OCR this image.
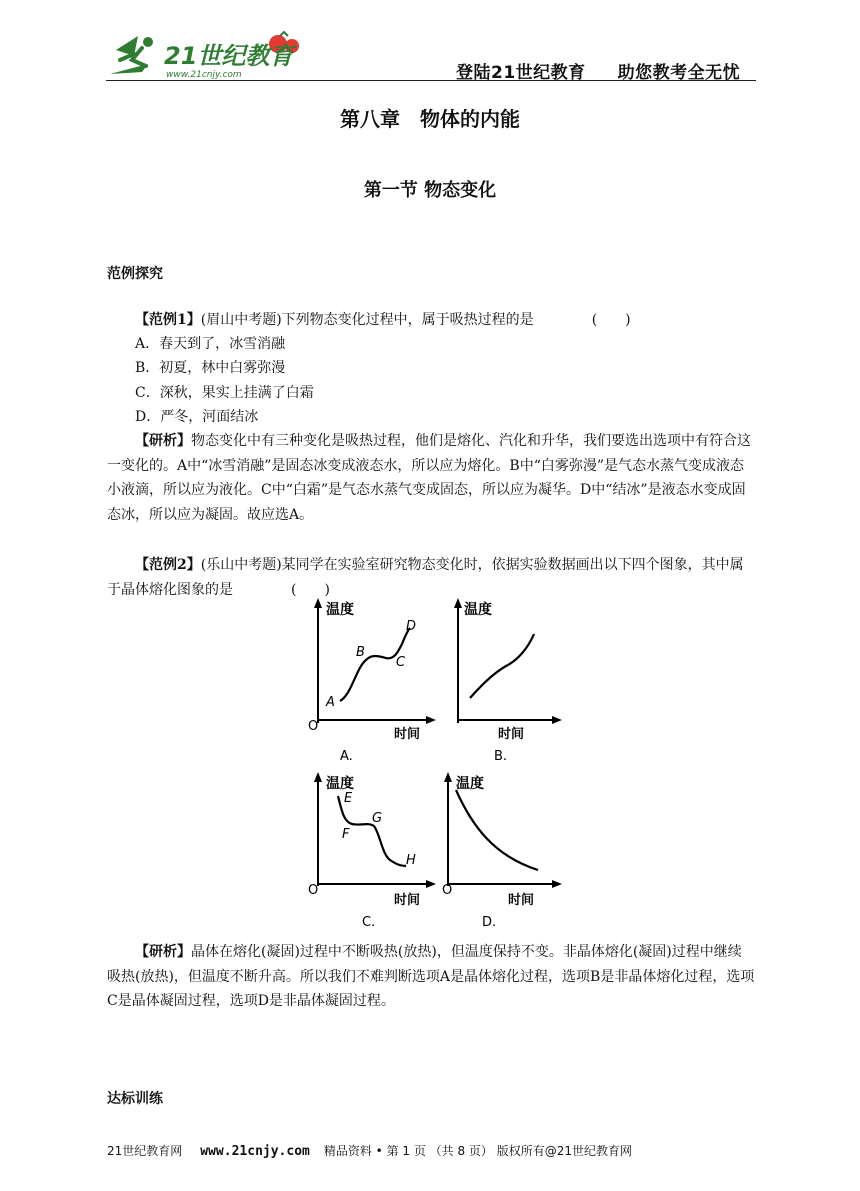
21世纪教育
www.21cnjy.com	登陆21世纪教育 助您教考全无忧
第八章　物体的内能
第一节 物态变化
范例探究
【范例1】(眉山中考题)下列物态变化过程中，属于吸热过程的是	(　　)
A．春天到了，冰雪消融
B．初夏，林中白雾弥漫
C．深秋，果实上挂满了白霜
D．严冬，河面结冰
【研析】物态变化中有三种变化是吸热过程，他们是熔化、汽化和升华，我们要选出选项中有符合这一变化的。A中“冰雪消融”是固态冰变成液态水，所以应为熔化。B中“白雾弥漫”是气态水蒸气变成液态小液滴，所以应为液化。C中“白霜”是气态水蒸气变成固态，所以应为凝华。D中“结冰”是液态水变成固态冰，所以应为凝固。故应选A。
【范例2】(乐山中考题)某同学在实验室研究物态变化时，依据实验数据画出以下四个图象，其中属于晶体熔化图象的是	(　　)
温度
时间
O
A
B
C
D
A.
温度
时间
B.
温度
时间
O
E
F
G
H
C.
温度
时间
O
D.
【研析】晶体在熔化(凝固)过程中不断吸热(放热)，但温度保持不变。非晶体熔化(凝固)过程中继续吸热(放热)，但温度不断升高。所以我们不难判断选项A是晶体熔化过程，选项B是非晶体熔化过程，选项C是晶体凝固过程，选项D是非晶体凝固过程。
达标训练
21世纪教育网 www.21cnjy.com 精品资料 • 第 1 页 （共 8 页） 版权所有@21世纪教育网
